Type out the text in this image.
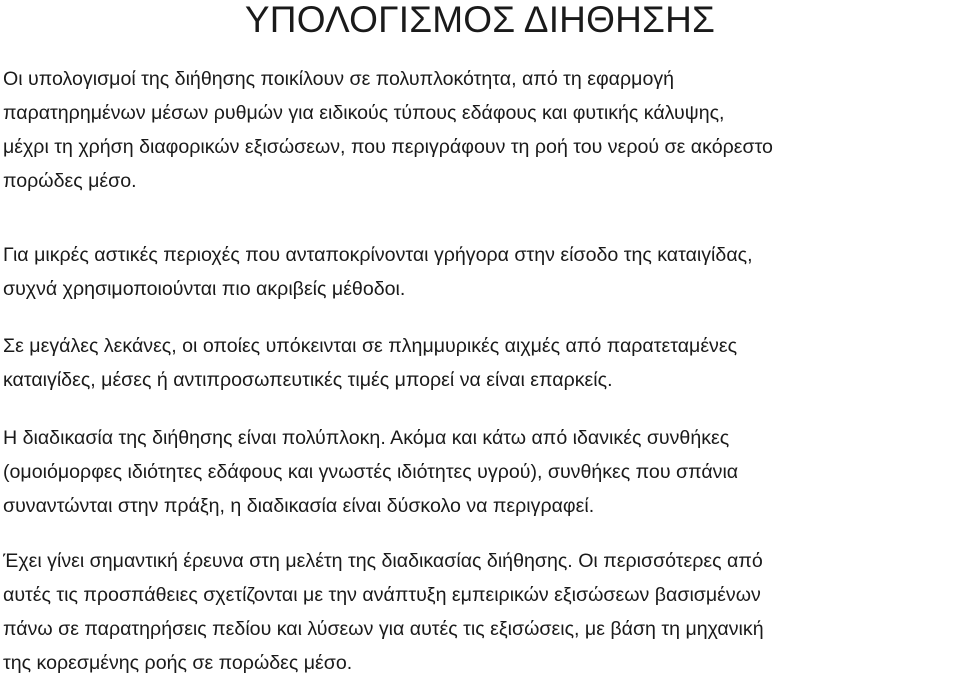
ΥΠΟΛΟΓΙΣΜΟΣ ΔΙΗΘΗΣΗΣ

Οι υπολογισμοί της διήθησης ποικίλουν σε πολυπλοκότητα, από τη εφαρμογή
παρατηρημένων μέσων ρυθμών για ειδικούς τύπους εδάφους και φυτικής κάλυψης,
μέχρι τη χρήση διαφορικών εξισώσεων, που περιγράφουν τη ροή του νερού σε ακόρεστο
πορώδες μέσο.

Για μικρές αστικές περιοχές που ανταποκρίνονται γρήγορα στην είσοδο της καταιγίδας,
συχνά χρησιμοποιούνται πιο ακριβείς μέθοδοι.

Σε μεγάλες λεκάνες, οι οποίες υπόκεινται σε πλημμυρικές αιχμές από παρατεταμένες
καταιγίδες, μέσες ή αντιπροσωπευτικές τιμές μπορεί να είναι επαρκείς.

Η διαδικασία της διήθησης είναι πολύπλοκη. Ακόμα και κάτω από ιδανικές συνθήκες
(ομοιόμορφες ιδιότητες εδάφους και γνωστές ιδιότητες υγρού), συνθήκες που σπάνια
συναντώνται στην πράξη, η διαδικασία είναι δύσκολο να περιγραφεί.

Έχει γίνει σημαντική έρευνα στη μελέτη της διαδικασίας διήθησης. Οι περισσότερες από
αυτές τις προσπάθειες σχετίζονται με την ανάπτυξη εμπειρικών εξισώσεων βασισμένων
πάνω σε παρατηρήσεις πεδίου και λύσεων για αυτές τις εξισώσεις, με βάση τη μηχανική
της κορεσμένης ροής σε πορώδες μέσο.
